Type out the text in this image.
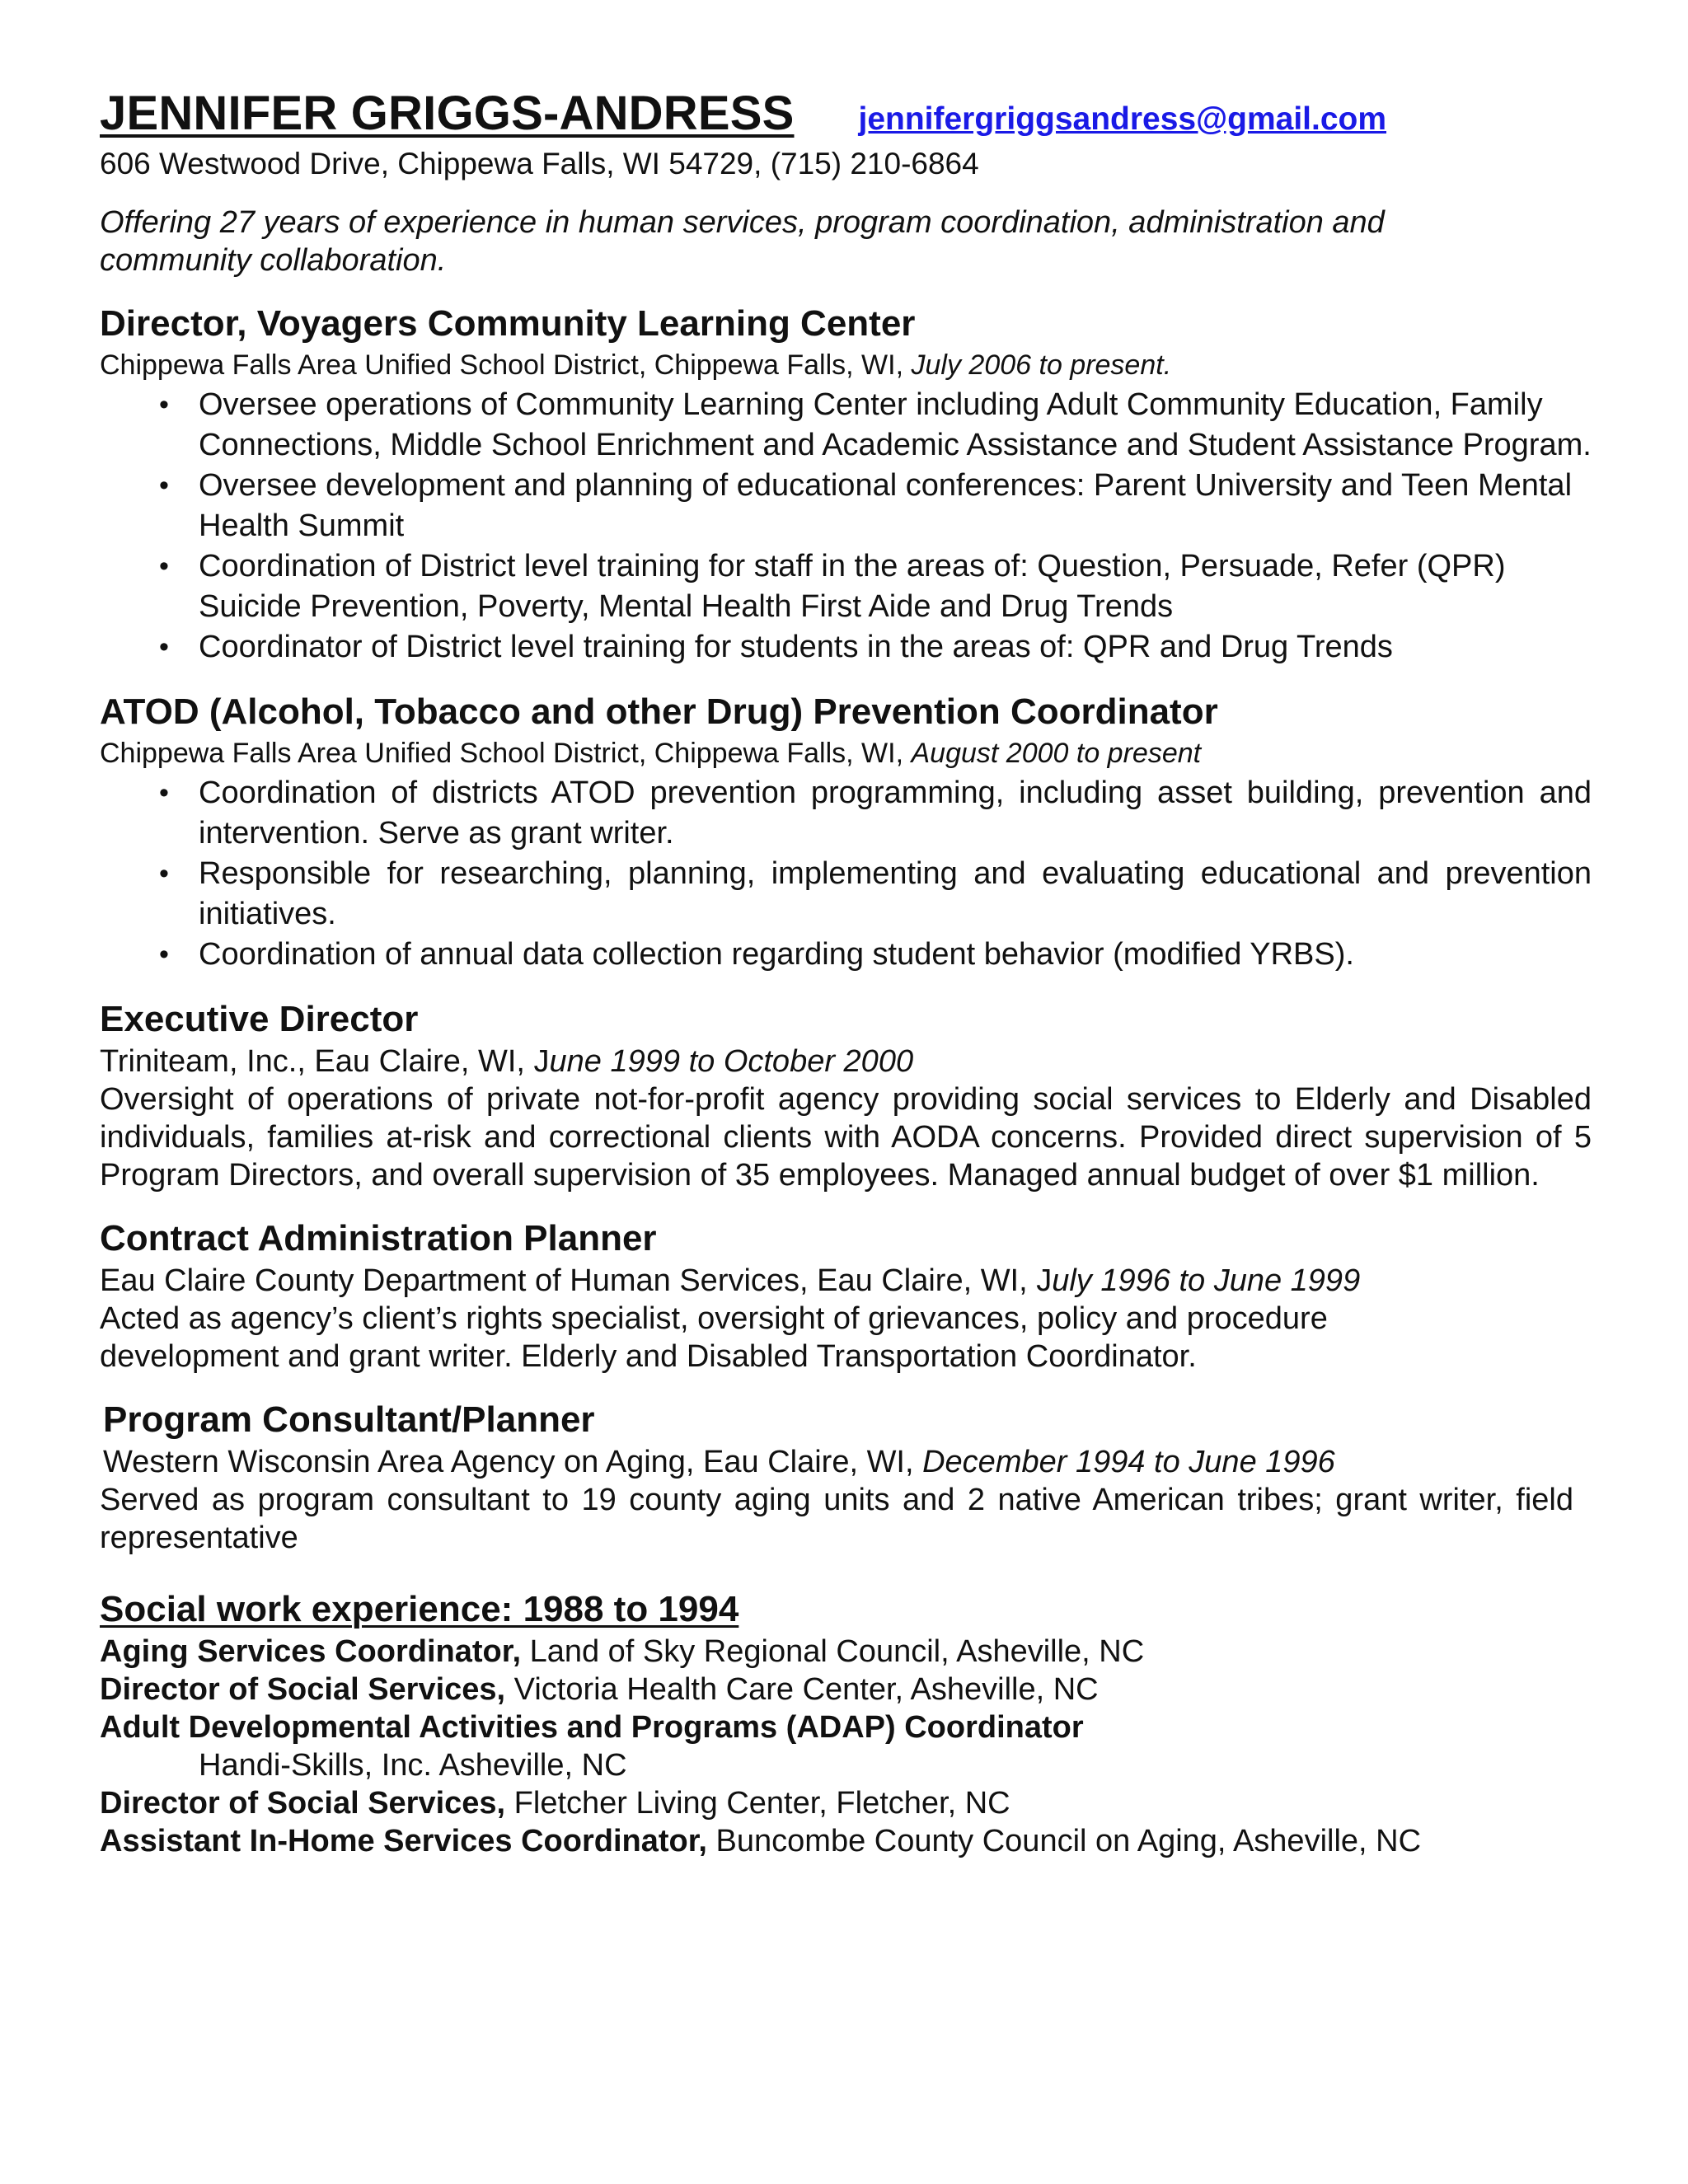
JENNIFER GRIGGS-ANDRESS jennifergriggsandress@gmail.com
606 Westwood Drive, Chippewa Falls, WI 54729, (715) 210-6864
Offering 27 years of experience in human services, program coordination, administration and community collaboration.
Director, Voyagers Community Learning Center
Chippewa Falls Area Unified School District, Chippewa Falls, WI, July 2006 to present.
• Oversee operations of Community Learning Center including Adult Community Education, Family Connections, Middle School Enrichment and Academic Assistance and Student Assistance Program.
• Oversee development and planning of educational conferences: Parent University and Teen Mental Health Summit
• Coordination of District level training for staff in the areas of: Question, Persuade, Refer (QPR) Suicide Prevention, Poverty, Mental Health First Aide and Drug Trends
• Coordinator of District level training for students in the areas of: QPR and Drug Trends
ATOD (Alcohol, Tobacco and other Drug) Prevention Coordinator
Chippewa Falls Area Unified School District, Chippewa Falls, WI, August 2000 to present
• Coordination of districts ATOD prevention programming, including asset building, prevention and intervention. Serve as grant writer.
• Responsible for researching, planning, implementing and evaluating educational and prevention initiatives.
• Coordination of annual data collection regarding student behavior (modified YRBS).
Executive Director
Triniteam, Inc., Eau Claire, WI, June 1999 to October 2000
Oversight of operations of private not-for-profit agency providing social services to Elderly and Disabled individuals, families at-risk and correctional clients with AODA concerns. Provided direct supervision of 5 Program Directors, and overall supervision of 35 employees. Managed annual budget of over $1 million.
Contract Administration Planner
Eau Claire County Department of Human Services, Eau Claire, WI, July 1996 to June 1999
Acted as agency’s client’s rights specialist, oversight of grievances, policy and procedure development and grant writer. Elderly and Disabled Transportation Coordinator.
Program Consultant/Planner
Western Wisconsin Area Agency on Aging, Eau Claire, WI, December 1994 to June 1996
Served as program consultant to 19 county aging units and 2 native American tribes; grant writer, field representative
Social work experience: 1988 to 1994
Aging Services Coordinator, Land of Sky Regional Council, Asheville, NC
Director of Social Services, Victoria Health Care Center, Asheville, NC
Adult Developmental Activities and Programs (ADAP) Coordinator
Handi-Skills, Inc. Asheville, NC
Director of Social Services, Fletcher Living Center, Fletcher, NC
Assistant In-Home Services Coordinator, Buncombe County Council on Aging, Asheville, NC
